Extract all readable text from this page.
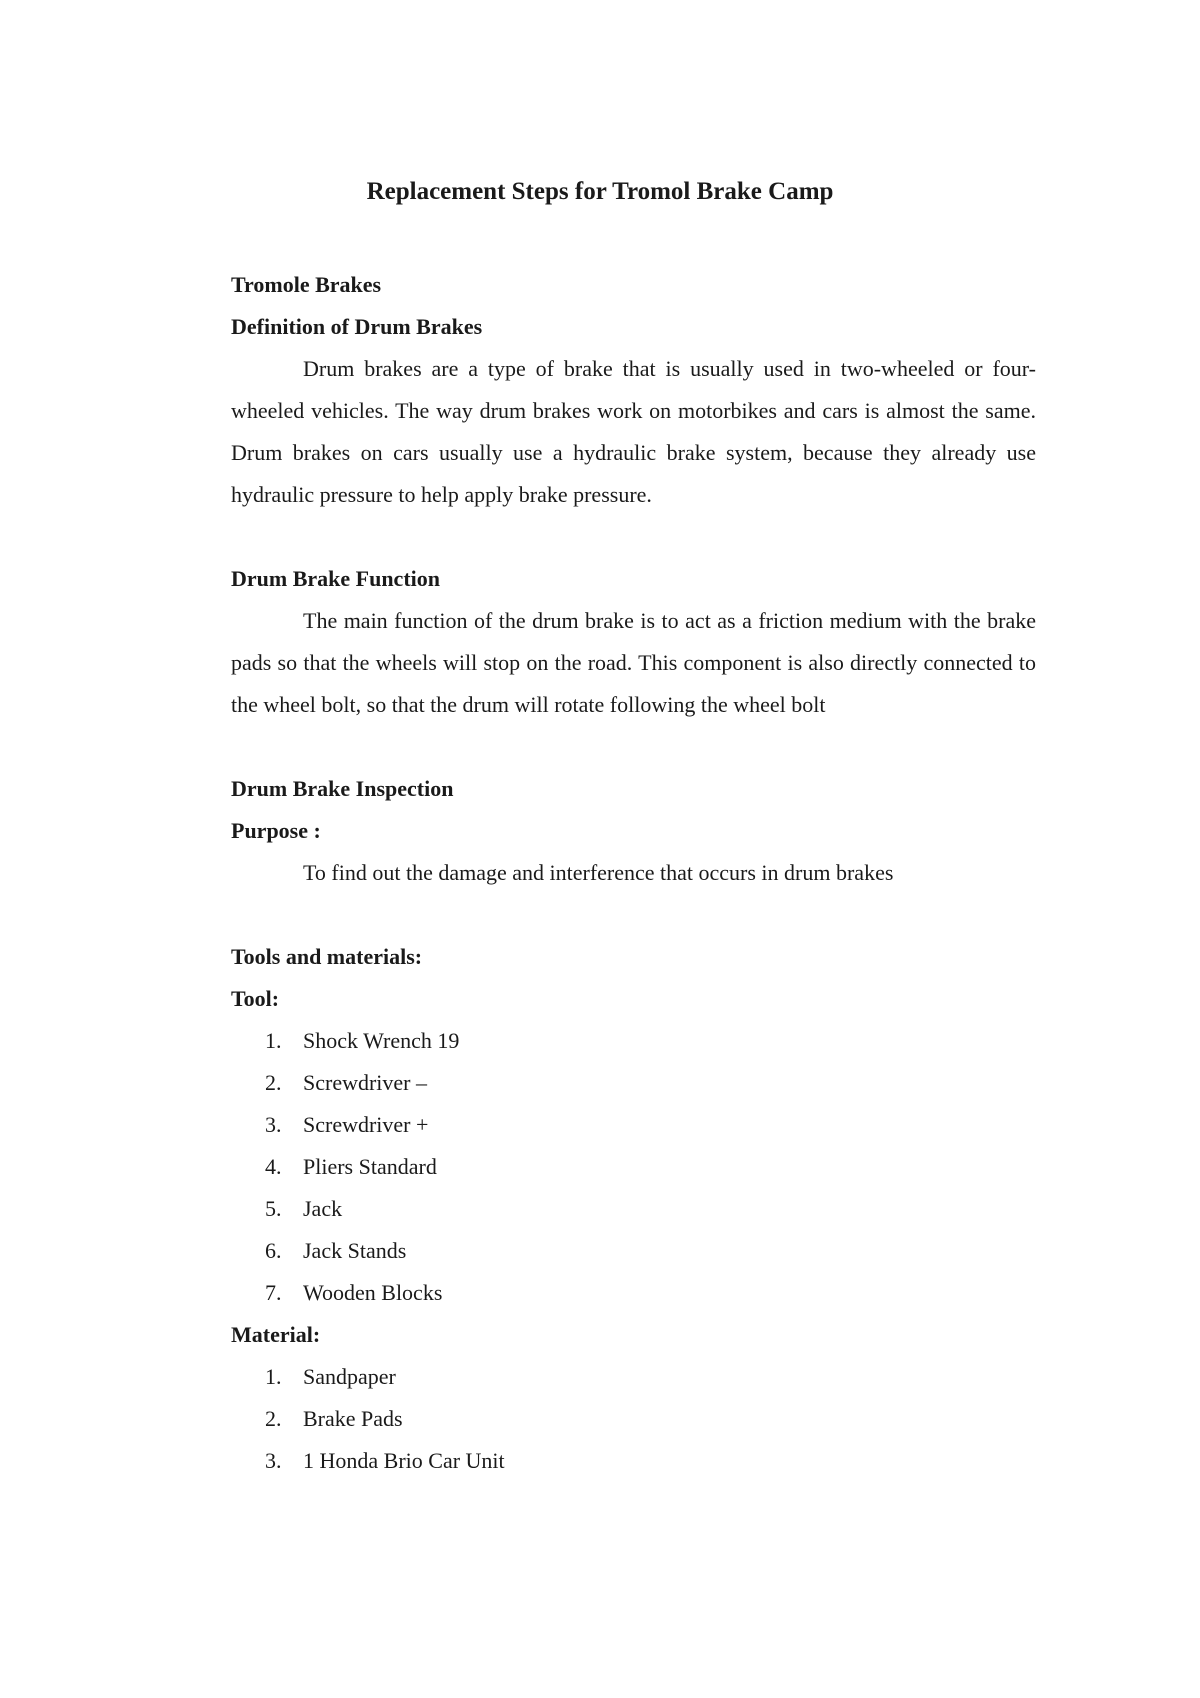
Replacement Steps for Tromol Brake Camp

Tromole Brakes

Definition of Drum Brakes

Drum brakes are a type of brake that is usually used in two-wheeled or four-wheeled vehicles. The way drum brakes work on motorbikes and cars is almost the same. Drum brakes on cars usually use a hydraulic brake system, because they already use hydraulic pressure to help apply brake pressure.

Drum Brake Function

The main function of the drum brake is to act as a friction medium with the brake pads so that the wheels will stop on the road. This component is also directly connected to the wheel bolt, so that the drum will rotate following the wheel bolt

Drum Brake Inspection

Purpose :

To find out the damage and interference that occurs in drum brakes

Tools and materials:

Tool:

1. Shock Wrench 19
2. Screwdriver –
3. Screwdriver +
4. Pliers Standard
5. Jack
6. Jack Stands
7. Wooden Blocks

Material:

1. Sandpaper
2. Brake Pads
3. 1 Honda Brio Car Unit
